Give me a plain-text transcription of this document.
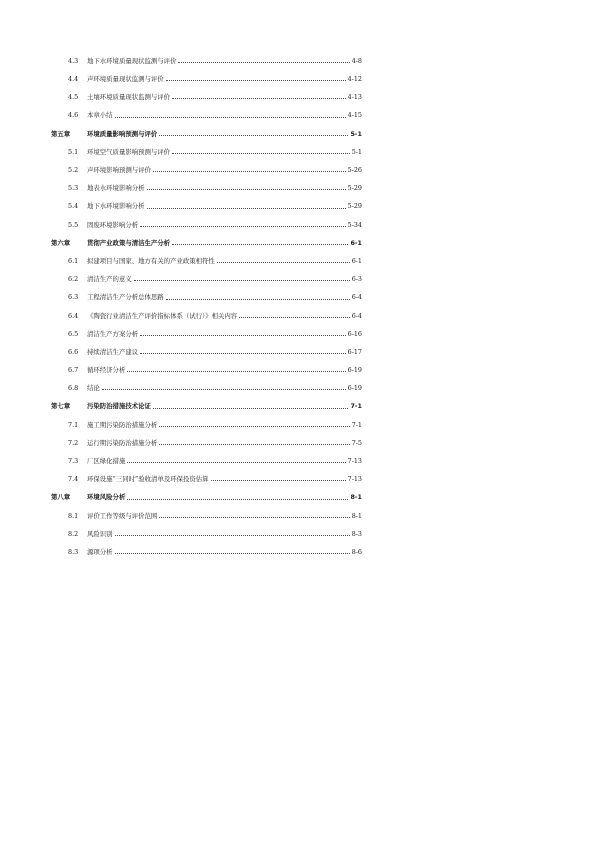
4.3 地下水环境质量现状监测与评价	4-8
4.4 声环境质量现状监测与评价	4-12
4.5 土壤环境质量现状监测与评价	4-13
4.6 本章小结	4-15
第五章	环境质量影响预测与评价	5-1
5.1 环境空气质量影响预测与评价	5-1
5.2 声环境影响预测与评价	5-26
5.3 地表水环境影响分析	5-29
5.4 地下水环境影响分析	5-29
5.5 固废环境影响分析	5-34
第六章	贯彻产业政策与清洁生产分析	6-1
6.1 拟建项目与国家、地方有关的产业政策相符性	6-1
6.2 清洁生产的意义	6-3
6.3 工程清洁生产分析总体思路	6-4
6.4 《陶瓷行业清洁生产评价指标体系（试行）》相关内容	6-4
6.5 清洁生产方案分析	6-16
6.6 持续清洁生产建议	6-17
6.7 循环经济分析	6-19
6.8 结论	6-19
第七章	污染防治措施技术论证	7-1
7.1 施工期污染防治措施分析	7-1
7.2 运行期污染防治措施分析	7-5
7.3 厂区绿化措施	7-13
7.4 环保设施“三同时”验收清单及环保投资估算	7-13
第八章	环境风险分析	8-1
8.1 评价工作等级与评价范围	8-1
8.2 风险识别	8-3
8.3 源项分析	8-6
